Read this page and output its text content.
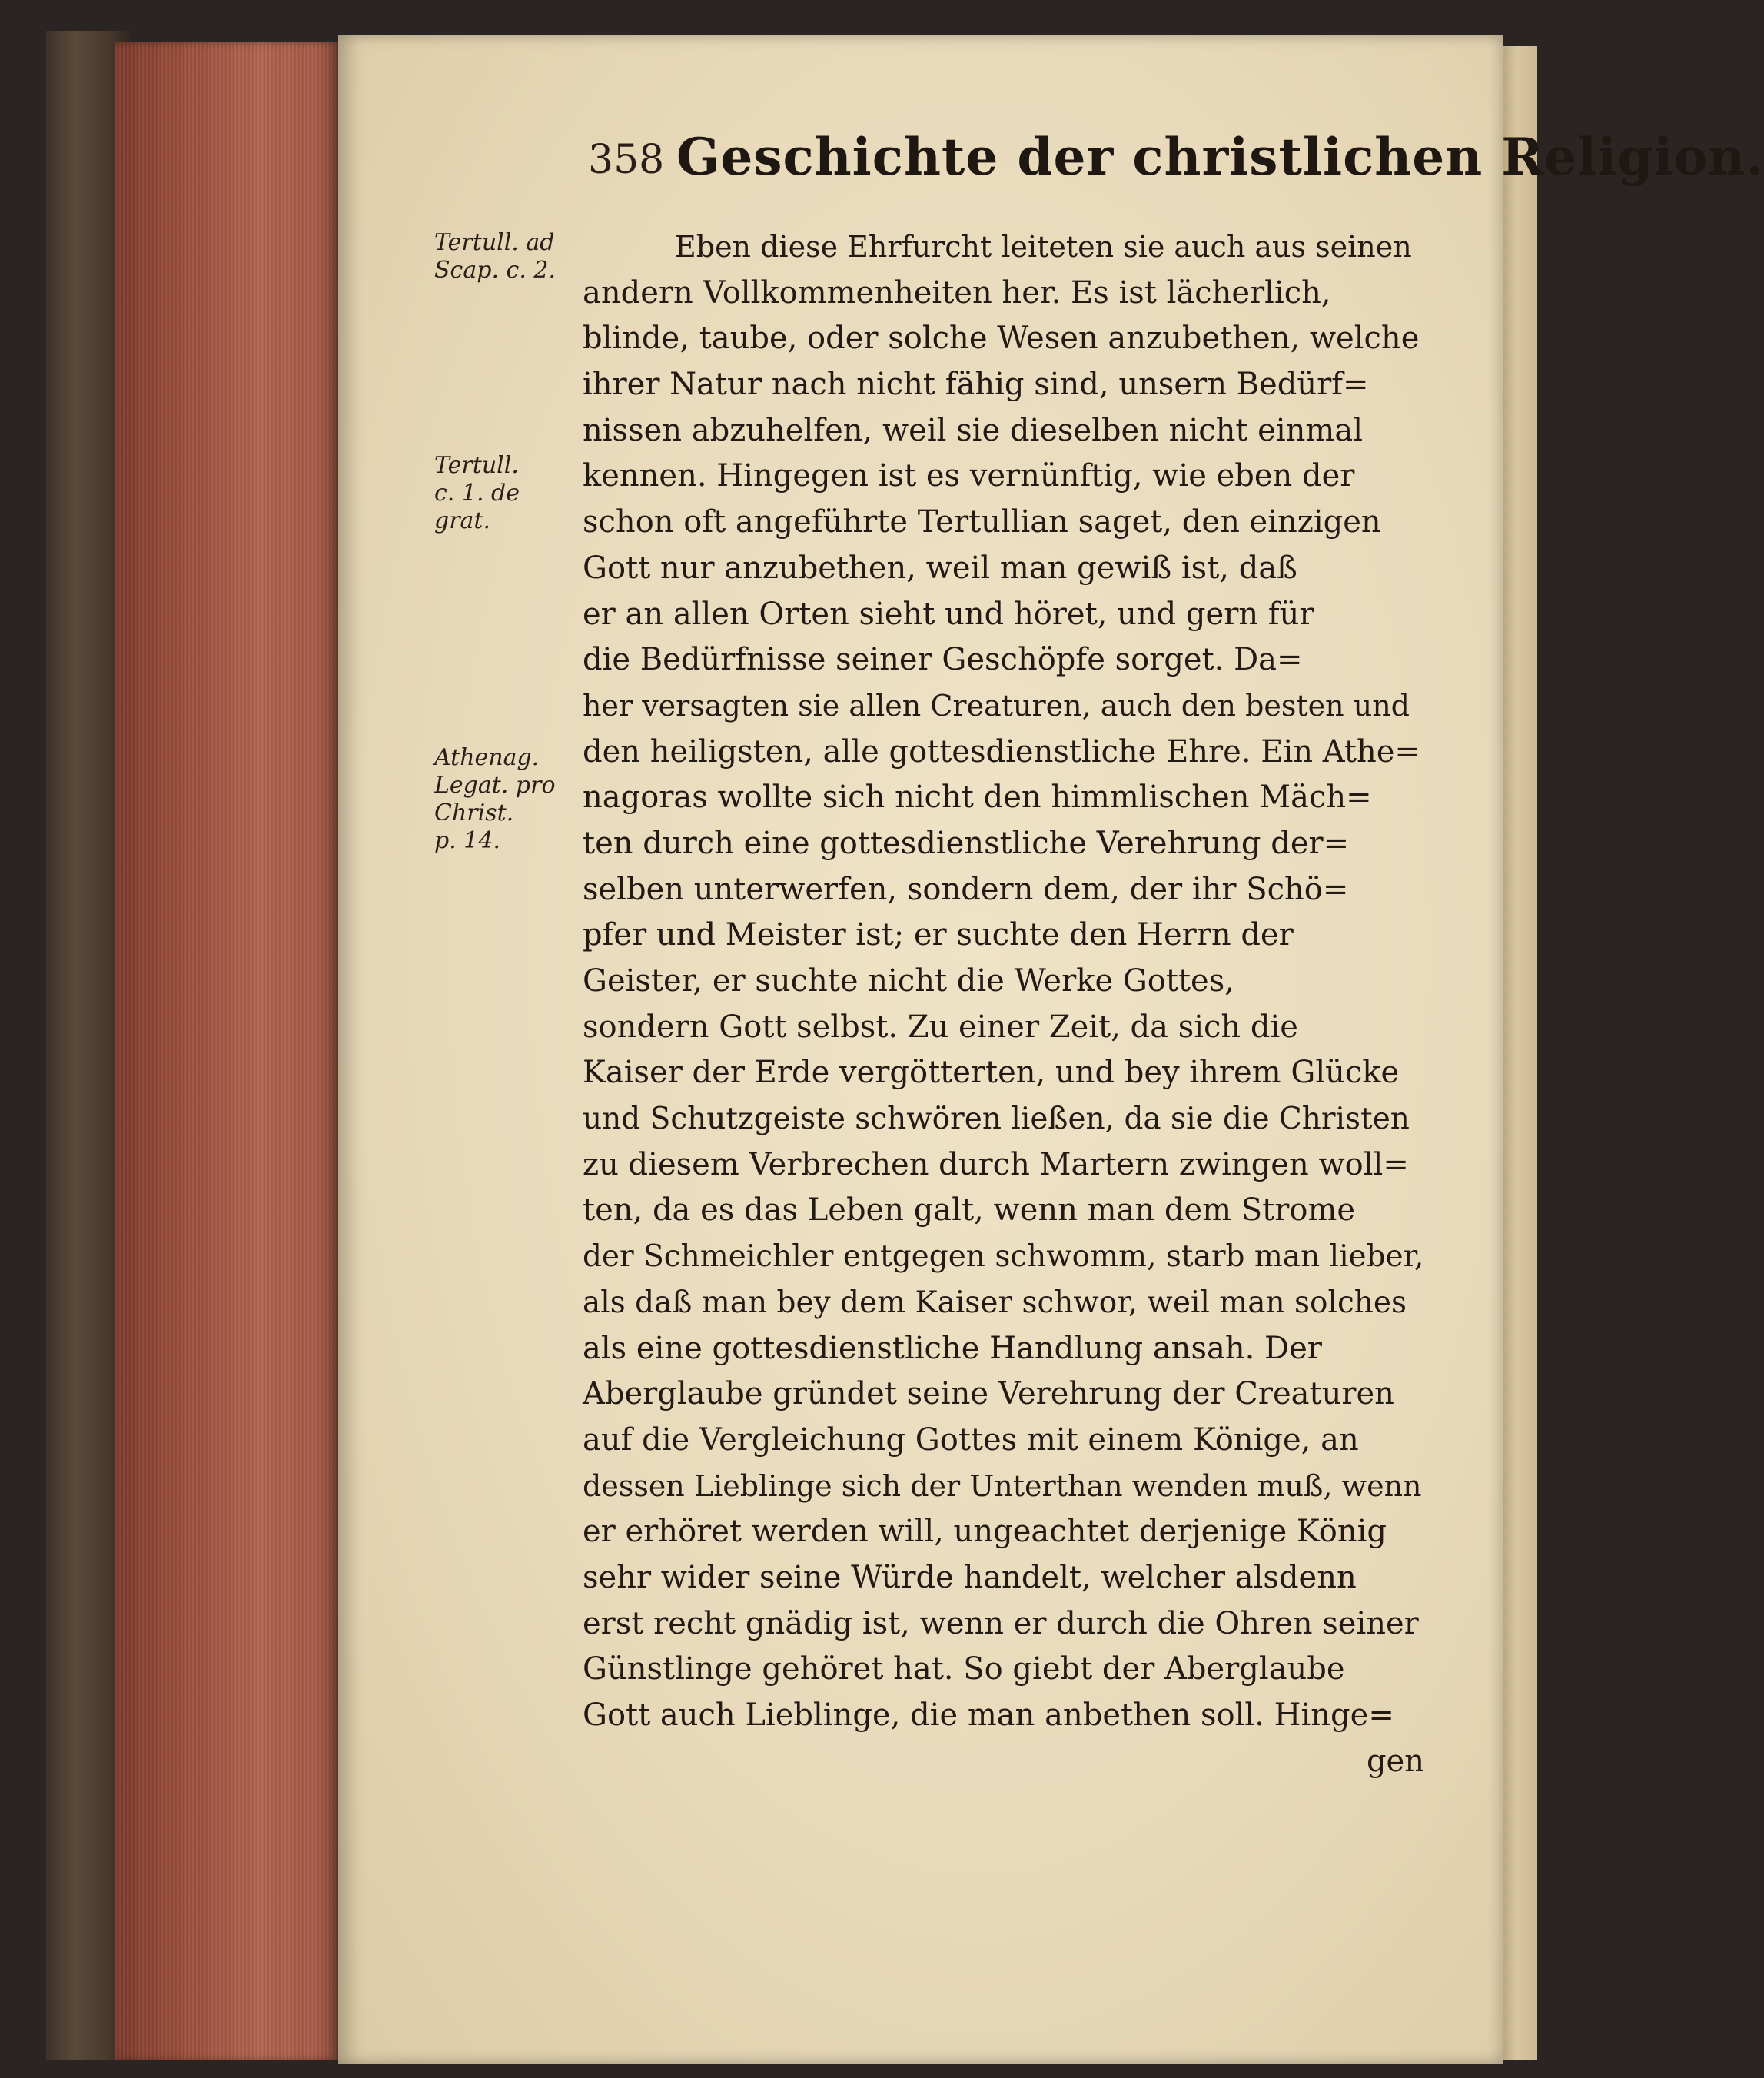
358 Geschichte der christlichen Religion.
Tertull. ad
Scap. c. 2.
Tertull.
c. 1. de
grat.
Athenag.
Legat. pro
Christ.
p. 14.
Eben diese Ehrfurcht leiteten sie auch aus seinen
andern Vollkommenheiten her. Es ist lächerlich,
blinde, taube, oder solche Wesen anzubethen, welche
ihrer Natur nach nicht fähig sind, unsern Bedürf=
nissen abzuhelfen, weil sie dieselben nicht einmal
kennen. Hingegen ist es vernünftig, wie eben der
schon oft angeführte Tertullian saget, den einzigen
Gott nur anzubethen, weil man gewiß ist, daß
er an allen Orten sieht und höret, und gern für
die Bedürfnisse seiner Geschöpfe sorget. Da=
her versagten sie allen Creaturen, auch den besten und
den heiligsten, alle gottesdienstliche Ehre. Ein Athe=
nagoras wollte sich nicht den himmlischen Mäch=
ten durch eine gottesdienstliche Verehrung der=
selben unterwerfen, sondern dem, der ihr Schö=
pfer und Meister ist; er suchte den Herrn der
Geister, er suchte nicht die Werke Gottes,
sondern Gott selbst. Zu einer Zeit, da sich die
Kaiser der Erde vergötterten, und bey ihrem Glücke
und Schutzgeiste schwören ließen, da sie die Christen
zu diesem Verbrechen durch Martern zwingen woll=
ten, da es das Leben galt, wenn man dem Strome
der Schmeichler entgegen schwomm, starb man lieber,
als daß man bey dem Kaiser schwor, weil man solches
als eine gottesdienstliche Handlung ansah. Der
Aberglaube gründet seine Verehrung der Creaturen
auf die Vergleichung Gottes mit einem Könige, an
dessen Lieblinge sich der Unterthan wenden muß, wenn
er erhöret werden will, ungeachtet derjenige König
sehr wider seine Würde handelt, welcher alsdenn
erst recht gnädig ist, wenn er durch die Ohren seiner
Günstlinge gehöret hat. So giebt der Aberglaube
Gott auch Lieblinge, die man anbethen soll. Hinge=
gen
